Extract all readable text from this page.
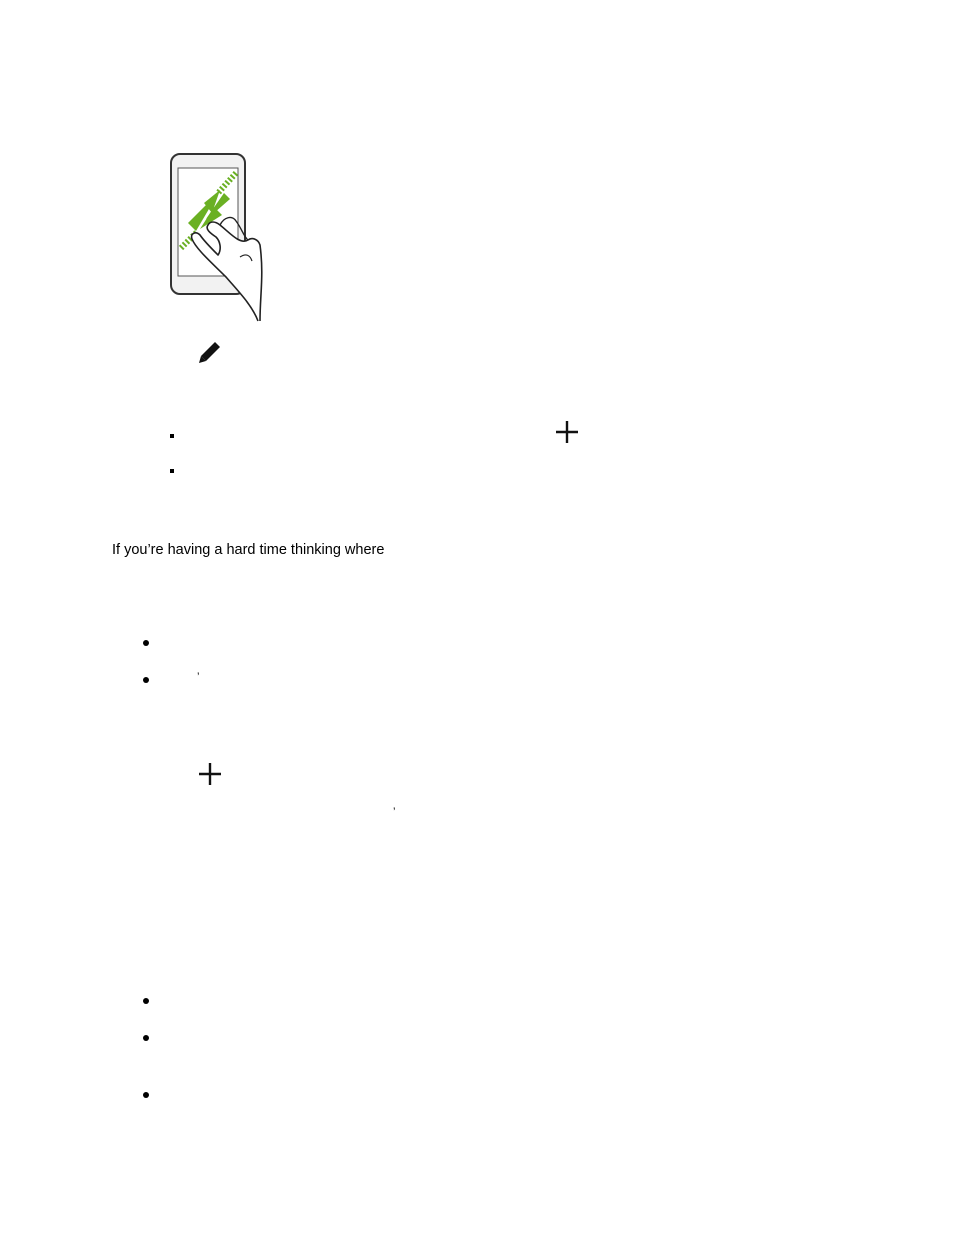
If you’re having a hard time thinking where
’
’
